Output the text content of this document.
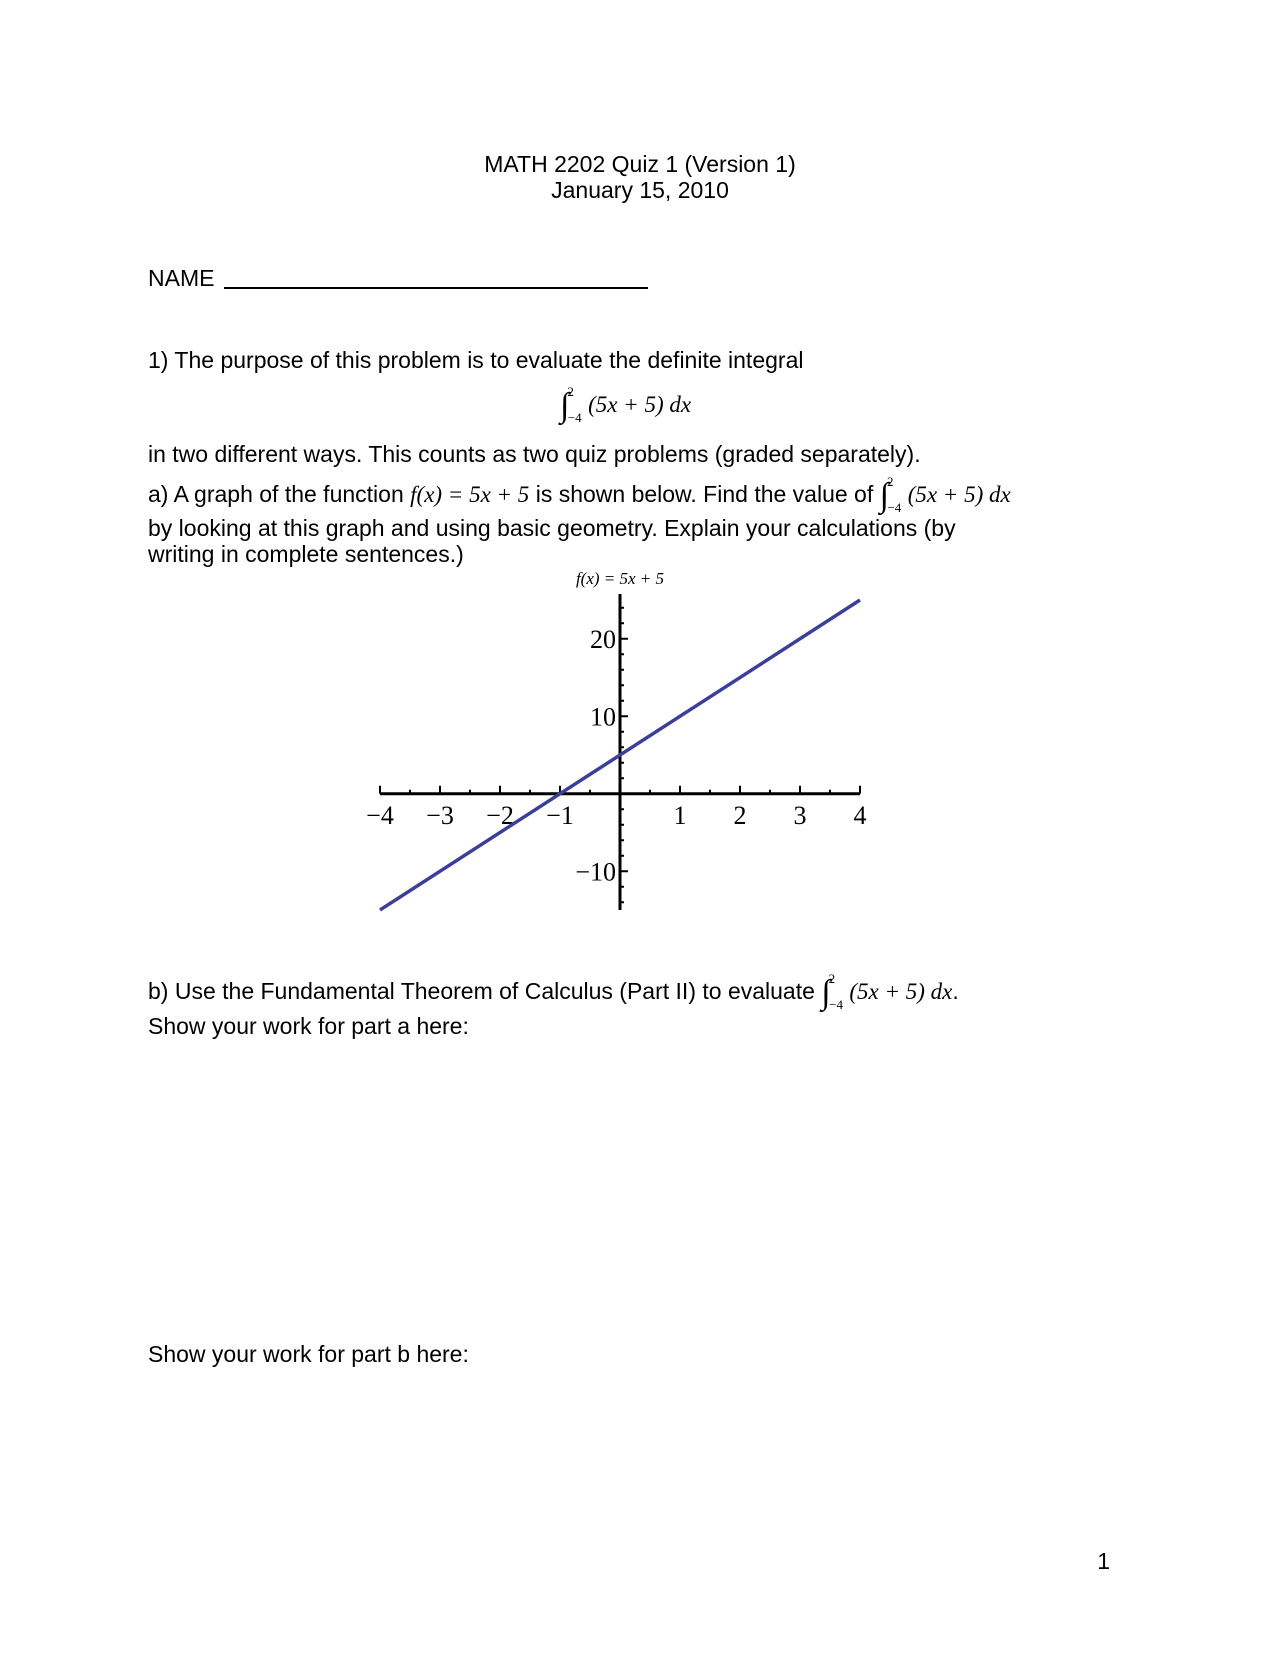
MATH 2202 Quiz 1 (Version 1)
January 15, 2010
NAME
1) The purpose of this problem is to evaluate the definite integral
∫$^2_{-4}$ (5x + 5) dx
in two different ways. This counts as two quiz problems (graded separately).
a) A graph of the function f(x) = 5x + 5 is shown below. Find the value of ∫$^2_{-4}$ (5x + 5) dx
by looking at this graph and using basic geometry. Explain your calculations (by
writing in complete sentences.)
f(x) = 5x + 5
−4 −3 −2 −1	1 2 3 4
−10
10
20
b) Use the Fundamental Theorem of Calculus (Part II) to evaluate ∫$^2_{-4}$ (5x + 5) dx.
Show your work for part a here:
Show your work for part b here:
1
